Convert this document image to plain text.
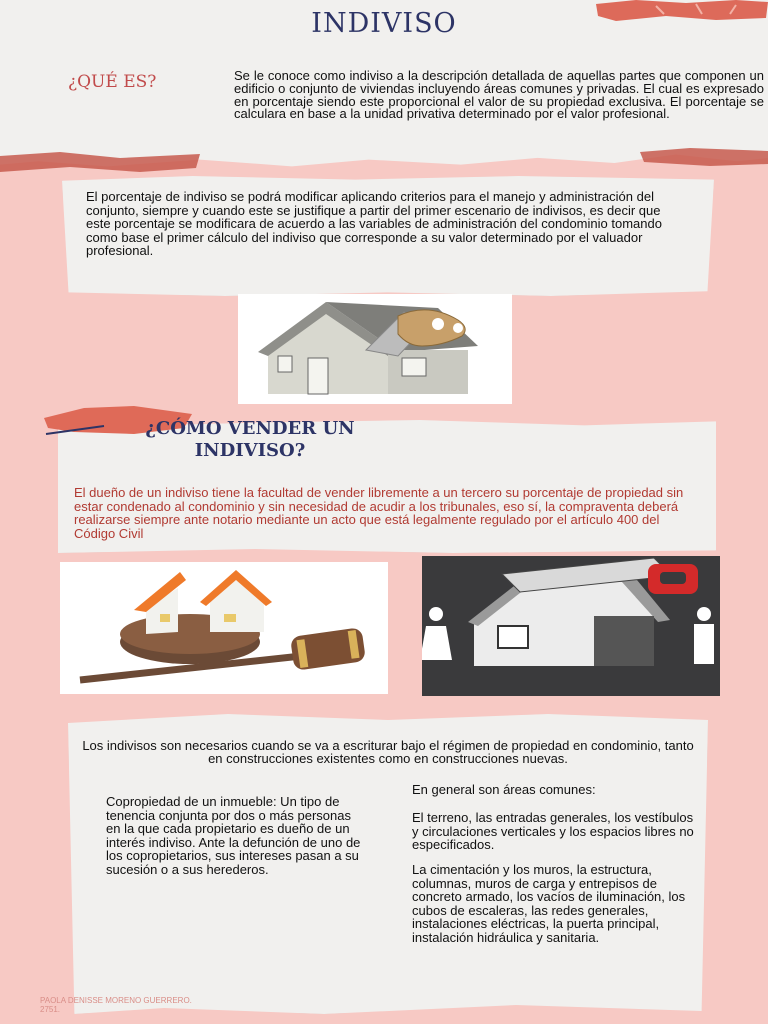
INDIVISO
¿QUÉ ES?	Se le conoce como indiviso a la descripción detallada de aquellas partes que componen un edificio o conjunto de viviendas incluyendo áreas comunes y privadas. El cual es expresado en porcentaje siendo este proporcional el valor de su propiedad exclusiva. El porcentaje se calculara en base a la unidad privativa determinado por el valor profesional.
El porcentaje de indiviso se podrá modificar aplicando criterios para el manejo y administración del conjunto, siempre y cuando este se justifique a partir del primer escenario de indivisos, es decir que este porcentaje se modificara de acuerdo a las variables de administración del condominio tomando como base el primer cálculo del indiviso que corresponde a su valor determinado por el valuador profesional.
¿CÓMO VENDER UN INDIVISO?
El dueño de un indiviso tiene la facultad de vender libremente a un tercero su porcentaje de propiedad sin estar condenado al condominio y sin necesidad de acudir a los tribunales, eso sí, la compraventa deberá realizarse siempre ante notario mediante un acto que está legalmente regulado por el artículo 400 del Código Civil
Los indivisos son necesarios cuando se va a escriturar bajo el régimen de propiedad en condominio, tanto en construcciones existentes como en construcciones nuevas.
Copropiedad de un inmueble: Un tipo de tenencia conjunta por dos o más personas en la que cada propietario es dueño de un interés indiviso. Ante la defunción de uno de los copropietarios, sus intereses pasan a su sucesión o a sus herederos.
En general son áreas comunes:
El terreno, las entradas generales, los vestíbulos y circulaciones verticales y los espacios libres no especificados.
La cimentación y los muros, la estructura, columnas, muros de carga y entrepisos de concreto armado, los vacíos de iluminación, los cubos de escaleras, las redes generales, instalaciones eléctricas, la puerta principal, instalación hidráulica y sanitaria.
PAOLA DENISSE MORENO GUERRERO.
2751.
